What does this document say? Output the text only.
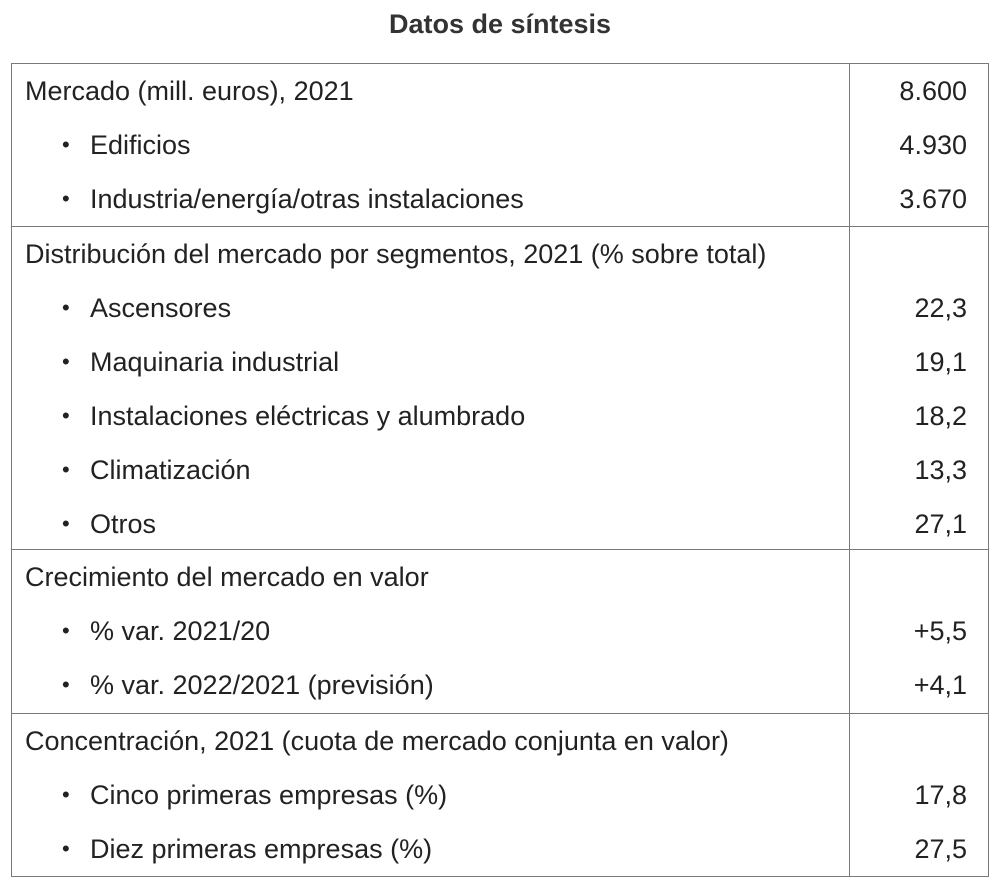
Datos de síntesis
Mercado (mill. euros), 2021	8.600
• Edificios	4.930
• Industria/energía/otras instalaciones	3.670
Distribución del mercado por segmentos, 2021 (% sobre total)
• Ascensores	22,3
• Maquinaria industrial	19,1
• Instalaciones eléctricas y alumbrado	18,2
• Climatización	13,3
• Otros	27,1
Crecimiento del mercado en valor
• % var. 2021/20	+5,5
• % var. 2022/2021 (previsión)	+4,1
Concentración, 2021 (cuota de mercado conjunta en valor)
• Cinco primeras empresas (%)	17,8
• Diez primeras empresas (%)	27,5
